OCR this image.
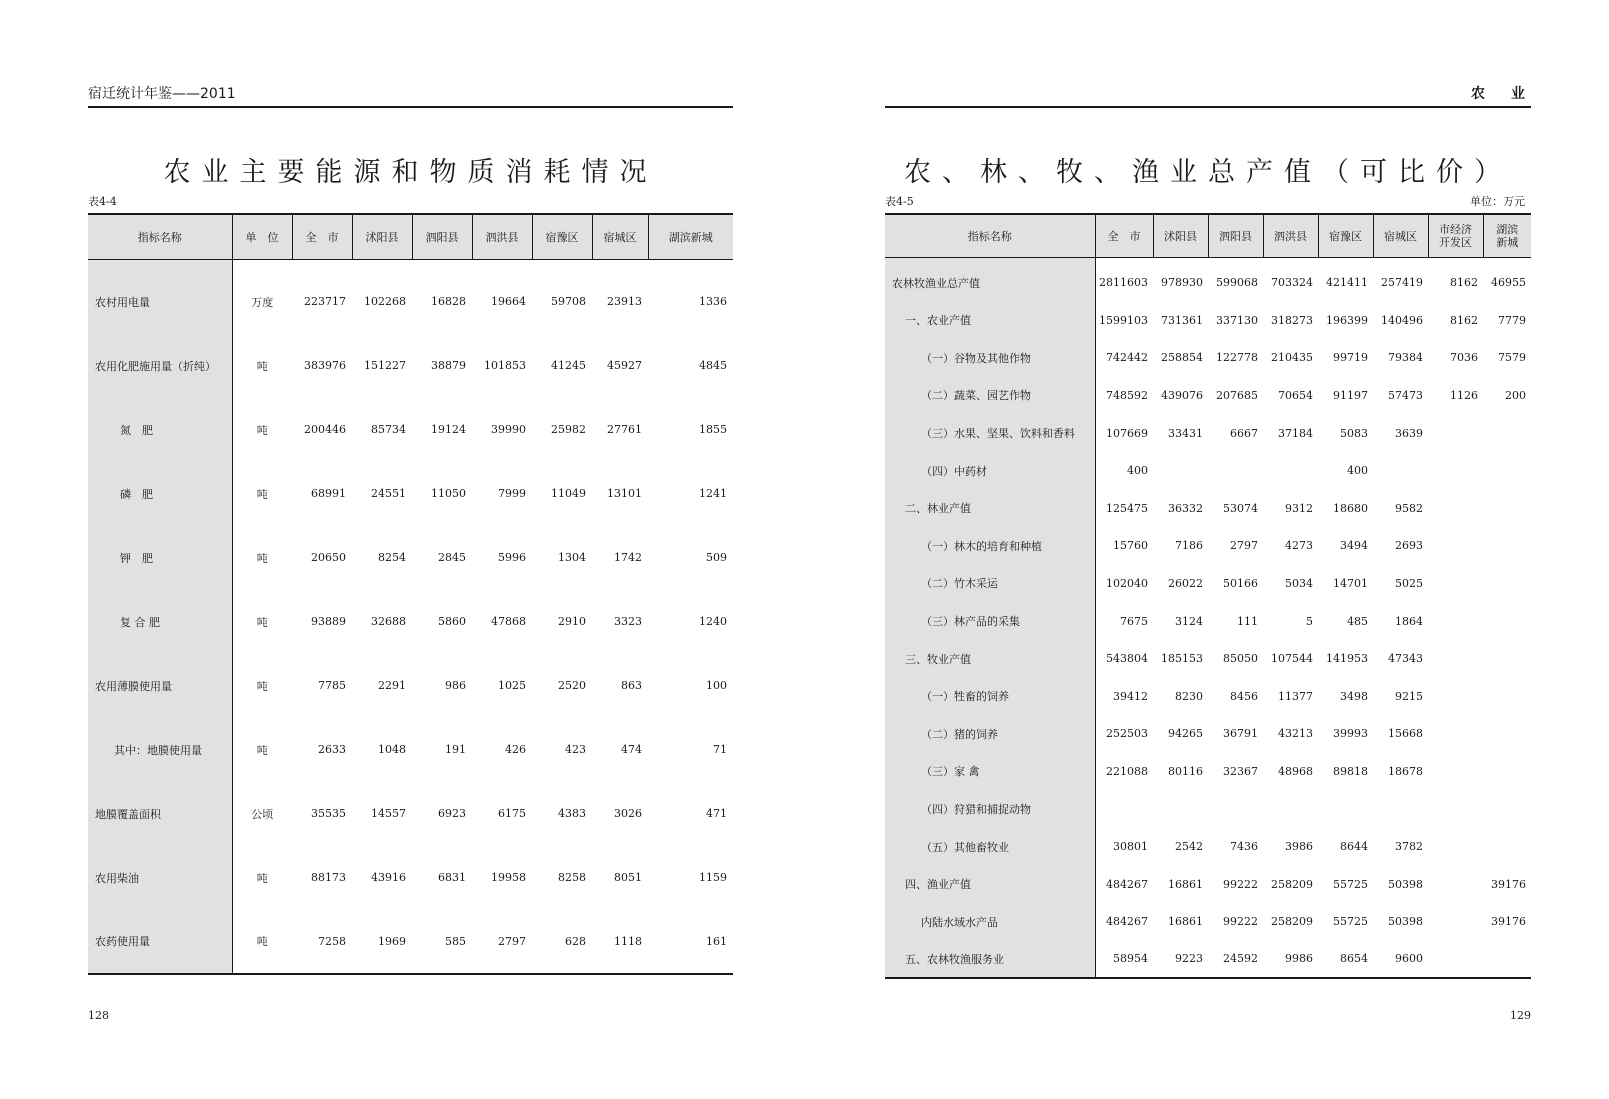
宿迁统计年鉴——2011
农业主要能源和物质消耗情况
表4-4
指标名称	单　位	全　市	沭阳县	泗阳县	泗洪县	宿豫区	宿城区	湖滨新城
农村用电量	万度	223717	102268	16828	19664	59708	23913	1336
农用化肥施用量（折纯）	吨	383976	151227	38879	101853	41245	45927	4845
氮　肥	吨	200446	85734	19124	39990	25982	27761	1855
磷　肥	吨	68991	24551	11050	7999	11049	13101	1241
钾　肥	吨	20650	8254	2845	5996	1304	1742	509
复 合 肥	吨	93889	32688	5860	47868	2910	3323	1240
农用薄膜使用量	吨	7785	2291	986	1025	2520	863	100
其中：地膜使用量	吨	2633	1048	191	426	423	474	71
地膜覆盖面积	公顷	35535	14557	6923	6175	4383	3026	471
农用柴油	吨	88173	43916	6831	19958	8258	8051	1159
农药使用量	吨	7258	1969	585	2797	628	1118	161
128
农　业
农、林、牧、渔业总产值（可比价）
表4-5	单位：万元
指标名称	全　市	沭阳县	泗阳县	泗洪县	宿豫区	宿城区	市经济开发区	湖滨新城
农林牧渔业总产值	2811603	978930	599068	703324	421411	257419	8162	46955
一、农业产值	1599103	731361	337130	318273	196399	140496	8162	7779
（一）谷物及其他作物	742442	258854	122778	210435	99719	79384	7036	7579
（二）蔬菜、园艺作物	748592	439076	207685	70654	91197	57473	1126	200
（三）水果、坚果、饮料和香料	107669	33431	6667	37184	5083	3639		
（四）中药材	400				400			
二、林业产值	125475	36332	53074	9312	18680	9582		
（一）林木的培育和种植	15760	7186	2797	4273	3494	2693		
（二）竹木采运	102040	26022	50166	5034	14701	5025		
（三）林产品的采集	7675	3124	111	5	485	1864		
三、牧业产值	543804	185153	85050	107544	141953	47343		
（一）牲畜的饲养	39412	8230	8456	11377	3498	9215		
（二）猪的饲养	252503	94265	36791	43213	39993	15668		
（三）家 禽	221088	80116	32367	48968	89818	18678		
（四）狩猎和捕捉动物								
（五）其他畜牧业	30801	2542	7436	3986	8644	3782		
四、渔业产值	484267	16861	99222	258209	55725	50398		39176
内陆水域水产品	484267	16861	99222	258209	55725	50398		39176
五、农林牧渔服务业	58954	9223	24592	9986	8654	9600		
129
